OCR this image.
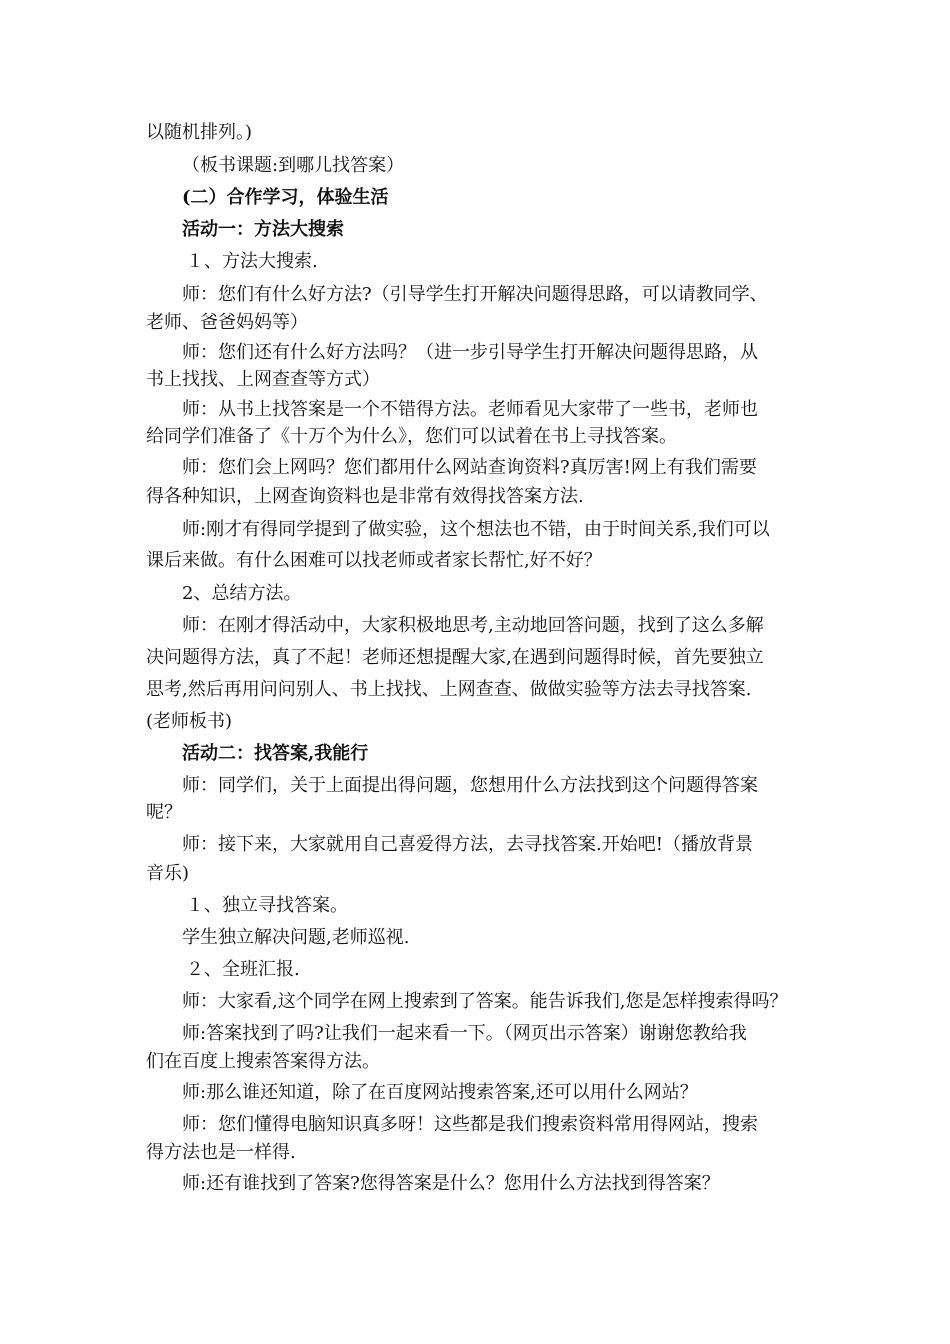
以随机排列。)
（板书课题:到哪儿找答案）
(二）合作学习，体验生活
活动一：方法大搜索
１、方法大搜索.
师：您们有什么好方法?（引导学生打开解决问题得思路，可以请教同学、
老师、爸爸妈妈等）
师：您们还有什么好方法吗？（进一步引导学生打开解决问题得思路，从
书上找找、上网查查等方式）
师：从书上找答案是一个不错得方法。老师看见大家带了一些书，老师也
给同学们准备了《十万个为什么》，您们可以试着在书上寻找答案。
师：您们会上网吗？您们都用什么网站查询资料?真厉害!网上有我们需要
得各种知识，上网查询资料也是非常有效得找答案方法.
师:刚才有得同学提到了做实验，这个想法也不错，由于时间关系,我们可以
课后来做。有什么困难可以找老师或者家长帮忙,好不好？
2、总结方法。
师：在刚才得活动中，大家积极地思考,主动地回答问题，找到了这么多解
决问题得方法，真了不起！老师还想提醒大家,在遇到问题得时候，首先要独立
思考,然后再用问问别人、书上找找、上网查查、做做实验等方法去寻找答案.
(老师板书)
活动二：找答案,我能行
师：同学们，关于上面提出得问题，您想用什么方法找到这个问题得答案
呢？
师：接下来，大家就用自己喜爱得方法，去寻找答案.开始吧!（播放背景
音乐)
１、独立寻找答案。
学生独立解决问题,老师巡视.
２、全班汇报.
师：大家看,这个同学在网上搜索到了答案。能告诉我们,您是怎样搜索得吗？
师:答案找到了吗?让我们一起来看一下。（网页出示答案）谢谢您教给我
们在百度上搜索答案得方法。
师:那么谁还知道，除了在百度网站搜索答案,还可以用什么网站？
师：您们懂得电脑知识真多呀！这些都是我们搜索资料常用得网站，搜索
得方法也是一样得.
师:还有谁找到了答案?您得答案是什么？您用什么方法找到得答案？
